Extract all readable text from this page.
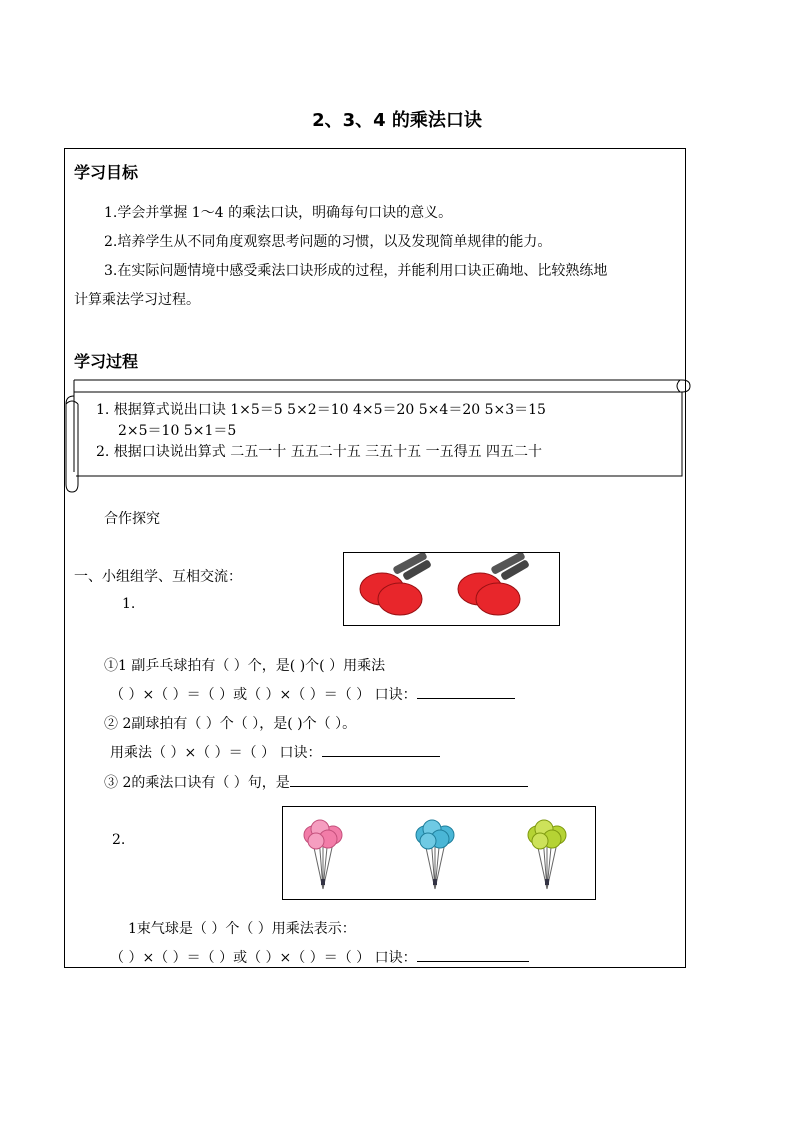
2、3、4 的乘法口诀
学习目标
1.学会并掌握 1～4 的乘法口诀，明确每句口诀的意义。
2.培养学生从不同角度观察思考问题的习惯，以及发现简单规律的能力。
3.在实际问题情境中感受乘法口诀形成的过程，并能利用口诀正确地、比较熟练地
计算乘法学习过程。
学习过程
1. 根据算式说出口诀 1×5＝5 5×2＝10 4×5＝20 5×4＝20 5×3＝15
2×5＝10 5×1＝5
2. 根据口诀说出算式 二五一十 五五二十五 三五十五 一五得五 四五二十
合作探究
一、小组组学、互相交流：
1.
①1 副乒乓球拍有（ ）个，是( )个( ）用乘法
（ ）×（ ）＝（ ）或（ ）×（ ）＝（ ） 口诀：
② 2副球拍有（ ）个（ ），是( )个（ ）。
用乘法（ ）×（ ）＝（ ） 口诀：
③ 2的乘法口诀有（ ）句，是
2.
1束气球是（ ）个（ ）用乘法表示：
（ ）×（ ）＝（ ）或（ ）×（ ）＝（ ） 口诀：
